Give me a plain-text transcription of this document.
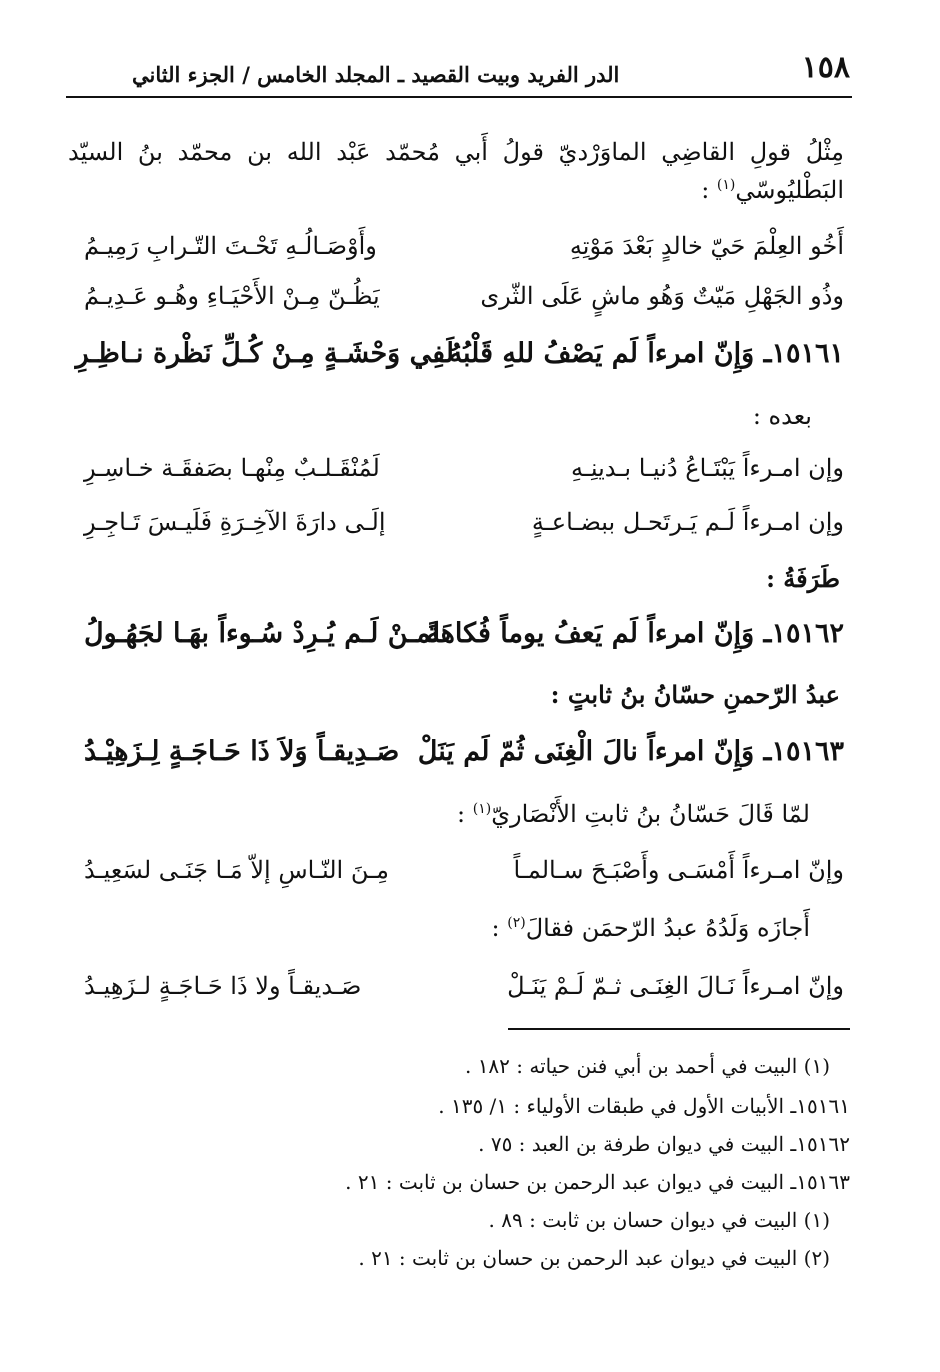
١٥٨
الدر الفريد وبيت القصيد ـ المجلد الخامس / الجزء الثاني
مِثْلُ قولِ القاضِي الماوَرْديّ قولُ أَبي مُحمّد عَبْد الله بن محمّد بنُ السيّد
البَطْليُوسّي$^{(١)}$ :
أَخُو العِلْمَ حَيّ خالدٍ بَعْدَ مَوْتِهِ
وأَوْصَـالُـهِ تَحْـتَ التّـرابِ رَمِيـمُ
وذُو الجَهْلِ مَيّتٌ وَهُو ماشٍ عَلَى الثّرى
يَظُـنّ مِـنْ الأَحْيَـاءِ وهُـو عَـدِيـمُ
١٥١٦١ـ وَإِنّ امرءاً لَم يَصْفُ للهِ قَلْبُهُ
لَفِي وَحْشَـةٍ مِـنْ كُـلِّ نَظْرة نـاظِـرِ
بعده :
وإن امـرءاً يَبْتَـاعُ دُنيـا بـدينِـهِ
لَمُنْقَـلـبٌ مِنْهـا بصَفقَـة خـاسِـرِ
وإن امـرءاً لَـم يَـرتَحـل ببضـاعـةٍ
إلَـى دارَةَ الآخِـرَةِ فَلَيـسَ تَـاجِـرِ
طَرَفَةُ :
١٥١٦٢ـ وَإِنّ امرءاً لَم يَعفُ يوماً فُكاهَةً
لمـنْ لَـم يُـرِدْ سُـوءاً بهَـا لجَهُـولُ
عبدُ الرّحمنِ حسّانُ بنُ ثابتٍ :
١٥١٦٣ـ وَإِنّ امرءاً نالَ الْغِنَى ثُمّ لَم يَنَلْ
صَـدِيقـاً وَلاَ ذَا حَـاجَـةٍ لِـزَهِيْـدُ
لمّا قَالَ حَسّانُ بنُ ثابتِ الأَنْصَاريّ$^{(١)}$ :
وإنّ امـرءاً أَمْسَـى وأَصْبَـحَ سـالمـاً
مِـنَ النّـاسِ إلاّ مَـا جَنَـى لسَعِيـدُ
أَجازَه وَلَدُهُ عبدُ الرّحمَن فقالَ$^{(٢)}$ :
وإنّ امـرءاً نَـالَ الغِنَـى ثـمّ لَـمْ يَنَـلْ
صَـديقـاً ولا ذَا حَـاجَـةٍ لـزَهِيـدُ
(١) البيت في أحمد بن أبي فنن حياته : ١٨٢ .
١٥١٦١ـ الأبيات الأول في طبقات الأولياء : ١/ ١٣٥ .
١٥١٦٢ـ البيت في ديوان طرفة بن العبد : ٧٥ .
١٥١٦٣ـ البيت في ديوان عبد الرحمن بن حسان بن ثابت : ٢١ .
(١) البيت في ديوان حسان بن ثابت : ٨٩ .
(٢) البيت في ديوان عبد الرحمن بن حسان بن ثابت : ٢١ .
